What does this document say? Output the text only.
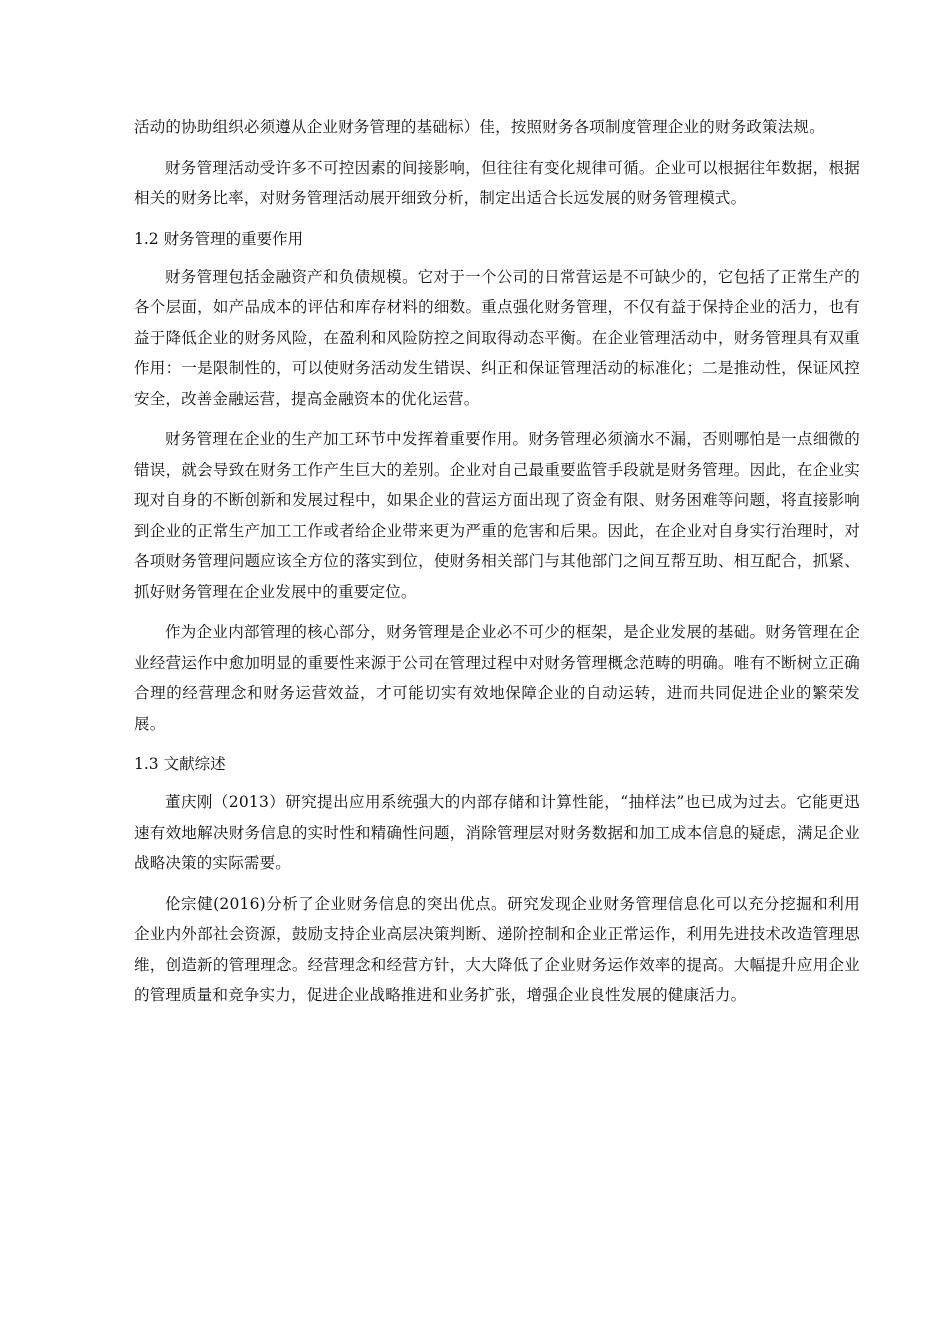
活动的协助组织必须遵从企业财务管理的基础标）佳，按照财务各项制度管理企业的财务政策法规。

财务管理活动受许多不可控因素的间接影响，但往往有变化规律可循。企业可以根据往年数据，根据相关的财务比率，对财务管理活动展开细致分析，制定出适合长远发展的财务管理模式。

1.2 财务管理的重要作用

财务管理包括金融资产和负债规模。它对于一个公司的日常营运是不可缺少的，它包括了正常生产的各个层面，如产品成本的评估和库存材料的细数。重点强化财务管理，不仅有益于保持企业的活力，也有益于降低企业的财务风险，在盈利和风险防控之间取得动态平衡。在企业管理活动中，财务管理具有双重作用：一是限制性的，可以使财务活动发生错误、纠正和保证管理活动的标准化；二是推动性，保证风控安全，改善金融运营，提高金融资本的优化运营。

财务管理在企业的生产加工环节中发挥着重要作用。财务管理必须滴水不漏，否则哪怕是一点细微的错误，就会导致在财务工作产生巨大的差别。企业对自己最重要监管手段就是财务管理。因此，在企业实现对自身的不断创新和发展过程中，如果企业的营运方面出现了资金有限、财务困难等问题，将直接影响到企业的正常生产加工工作或者给企业带来更为严重的危害和后果。因此，在企业对自身实行治理时，对各项财务管理问题应该全方位的落实到位，使财务相关部门与其他部门之间互帮互助、相互配合，抓紧、抓好财务管理在企业发展中的重要定位。

作为企业内部管理的核心部分，财务管理是企业必不可少的框架，是企业发展的基础。财务管理在企业经营运作中愈加明显的重要性来源于公司在管理过程中对财务管理概念范畴的明确。唯有不断树立正确合理的经营理念和财务运营效益，才可能切实有效地保障企业的自动运转，进而共同促进企业的繁荣发展。

1.3 文献综述

董庆刚（2013）研究提出应用系统强大的内部存储和计算性能，“抽样法”也已成为过去。它能更迅速有效地解决财务信息的实时性和精确性问题，消除管理层对财务数据和加工成本信息的疑虑，满足企业战略决策的实际需要。

伦宗健(2016)分析了企业财务信息的突出优点。研究发现企业财务管理信息化可以充分挖掘和利用企业内外部社会资源，鼓励支持企业高层决策判断、递阶控制和企业正常运作，利用先进技术改造管理思维，创造新的管理理念。经营理念和经营方针，大大降低了企业财务运作效率的提高。大幅提升应用企业的管理质量和竞争实力，促进企业战略推进和业务扩张，增强企业良性发展的健康活力。
